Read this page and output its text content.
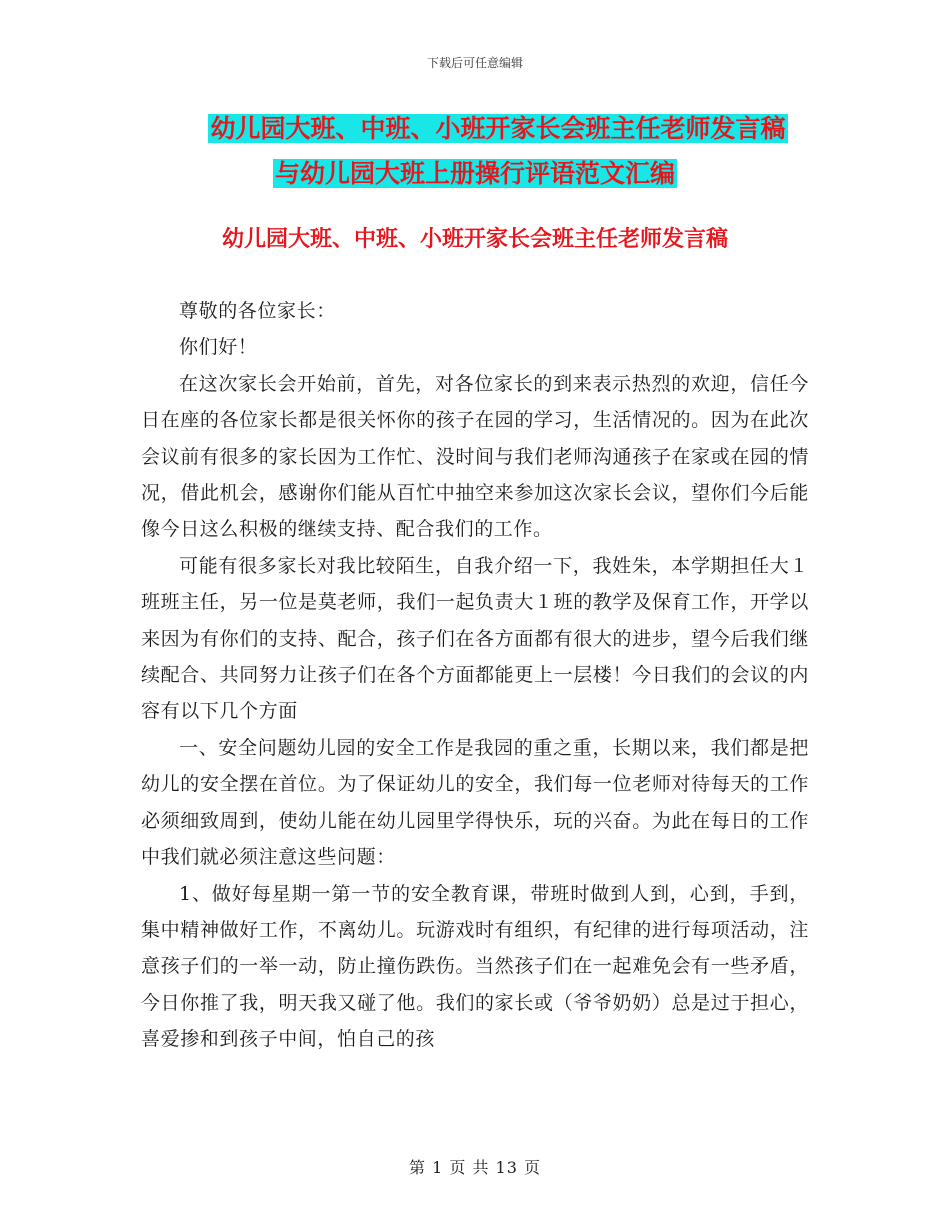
下载后可任意编辑
幼儿园大班、中班、小班开家长会班主任老师发言稿
与幼儿园大班上册操行评语范文汇编
幼儿园大班、中班、小班开家长会班主任老师发言稿

尊敬的各位家长：

你们好！

在这次家长会开始前，首先，对各位家长的到来表示热烈的欢迎，信任今日在座的各位家长都是很关怀你的孩子在园的学习，生活情况的。因为在此次会议前有很多的家长因为工作忙、没时间与我们老师沟通孩子在家或在园的情况，借此机会，感谢你们能从百忙中抽空来参加这次家长会议，望你们今后能像今日这么积极的继续支持、配合我们的工作。

可能有很多家长对我比较陌生，自我介绍一下，我姓朱，本学期担任大１班班主任，另一位是莫老师，我们一起负责大１班的教学及保育工作，开学以来因为有你们的支持、配合，孩子们在各方面都有很大的进步，望今后我们继续配合、共同努力让孩子们在各个方面都能更上一层楼！今日我们的会议的内容有以下几个方面

一、安全问题幼儿园的安全工作是我园的重之重，长期以来，我们都是把幼儿的安全摆在首位。为了保证幼儿的安全，我们每一位老师对待每天的工作必须细致周到，使幼儿能在幼儿园里学得快乐，玩的兴奋。为此在每日的工作中我们就必须注意这些问题：

1、做好每星期一第一节的安全教育课，带班时做到人到，心到，手到，集中精神做好工作，不离幼儿。玩游戏时有组织，有纪律的进行每项活动，注意孩子们的一举一动，防止撞伤跌伤。当然孩子们在一起难免会有一些矛盾，今日你推了我，明天我又碰了他。我们的家长或（爷爷奶奶）总是过于担心，喜爱掺和到孩子中间，怕自己的孩

第 1 页 共 13 页
